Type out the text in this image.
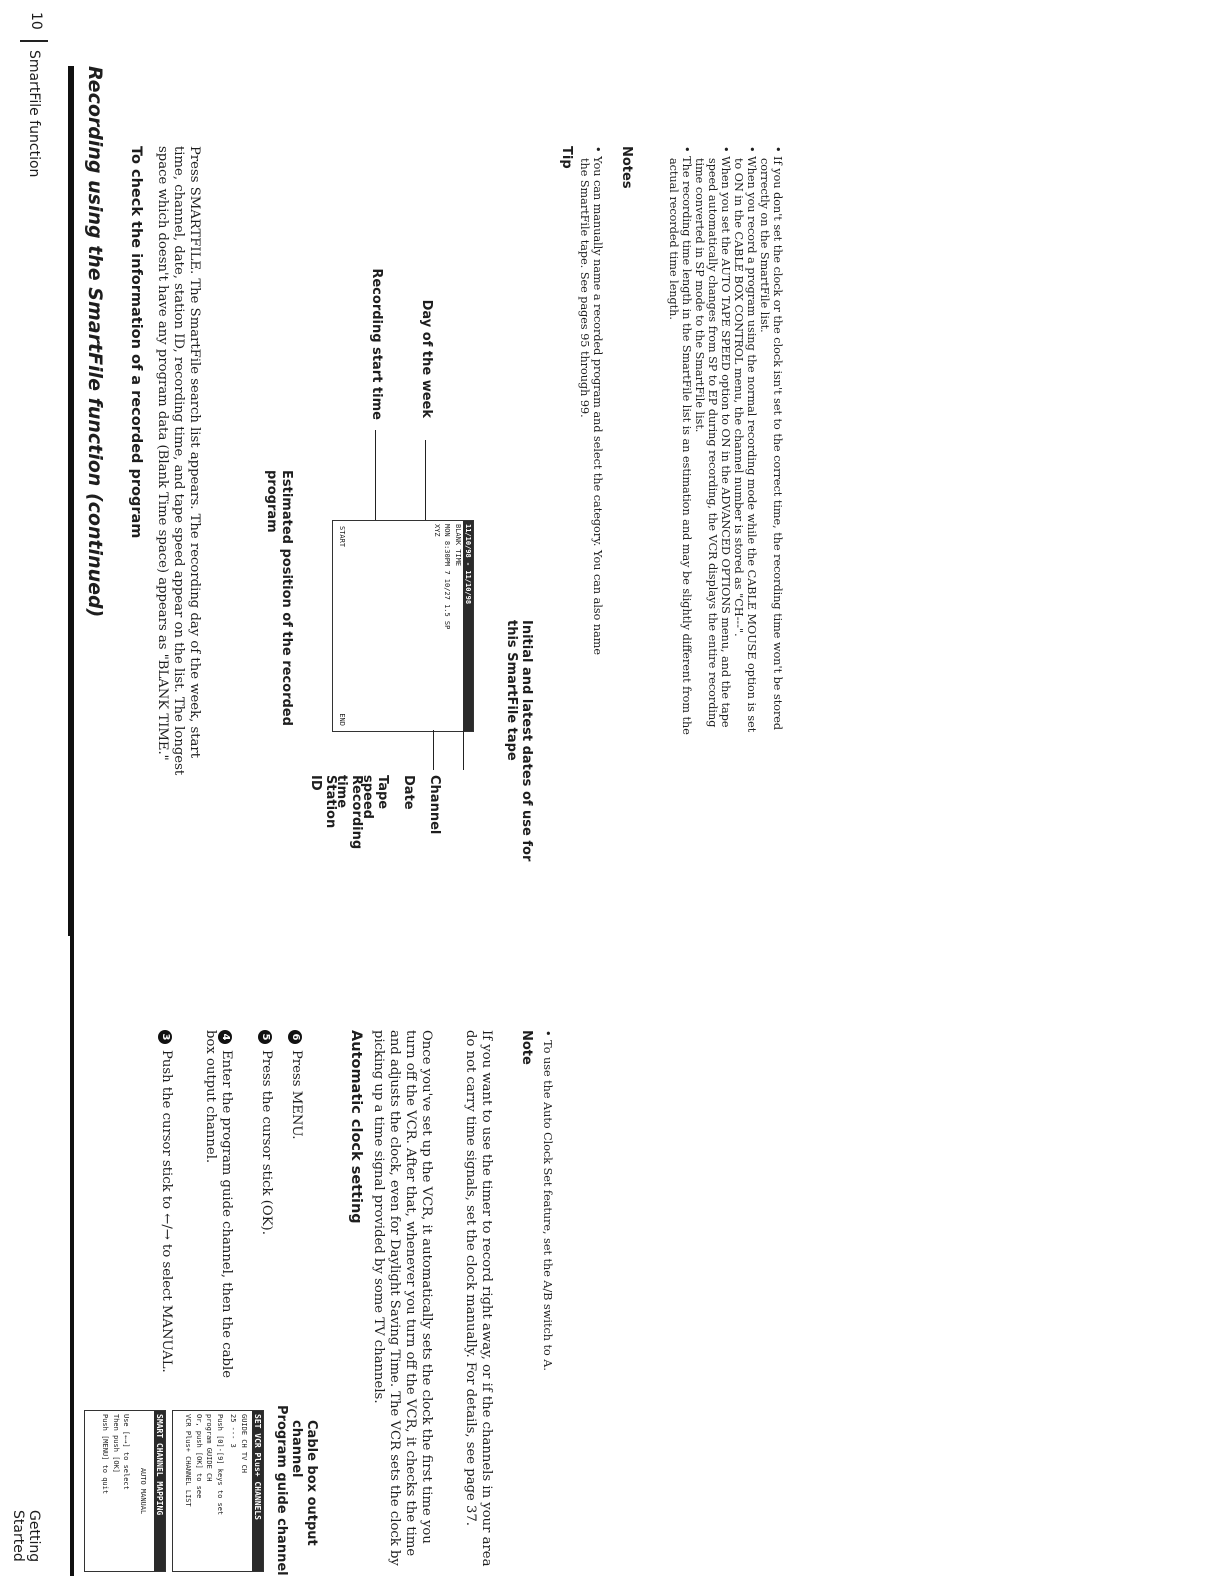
10
SmartFile function
Getting Started
Recording using the SmartFile function (continued) To check the information of a recorded program	Press SMARTFILE. The SmartFile search list appears. The recording day of the week, start time, channel, date, station ID, recording time, and tape speed appear on the list. The longest space which doesn't have any program data (Blank Time space) appears as "BLANK TIME."	Day of the week
Recording start time
11/10/98 - 11/10/98
BLANK TIME
MON 8:30PM 7 10/27 1.5 SP
XYZ
START
END	Initial and latest dates of use for this SmartFile tape
Channel
Date
Tape speed
Recording time
Station ID
Estimated position of the recorded program
Tip	• You can manually name a recorded program and select the category. You can also name the SmartFile tape. See pages 95 through 99.	Notes	• If you don't set the clock or the clock isn't set to the correct time, the recording time won't be stored correctly on the SmartFile list.
• When you record a program using the normal recording mode while the CABLE MOUSE option is set to ON in the CABLE BOX CONTROL menu, the channel number is stored as "CH---".
• When you set the AUTO TAPE SPEED option to ON in the ADVANCED OPTIONS menu, and the tape speed automatically changes from SP to EP during recording, the VCR displays the entire recording time converted in SP mode to the SmartFile list.
• The recording time length in the SmartFile list is an estimation and may be slightly different from the actual recorded time length.
3Push the cursor stick to ←/→ to select MANUAL.
4Enter the program guide channel, then the cable box output channel.	5Press the cursor stick (OK).
6Press MENU.
SMART CHANNEL MAPPING
AUTO MANUAL
Use [←→] to select
Then push [OK]
Push [MENU] to quit	SET VCR Plus+ CHANNELS
GUIDE CH TV CH
25 --- 3
Push [0]-[9] keys to set
program GUIDE CH
Or, push [OK] to see
VCR Plus+ CHANNEL LIST	Program guide channel	Cable box output channel
Automatic clock setting	Once you've set up the VCR, it automatically sets the clock the first time you turn off the VCR. After that, whenever you turn off the VCR, it checks the time and adjusts the clock, even for Daylight Saving Time. The VCR sets the clock by picking up a time signal provided by some TV channels.	If you want to use the timer to record right away, or if the channels in your area do not carry time signals, set the clock manually. For details, see page 37.	Note • To use the Auto Clock Set feature, set the A/B switch to A.
